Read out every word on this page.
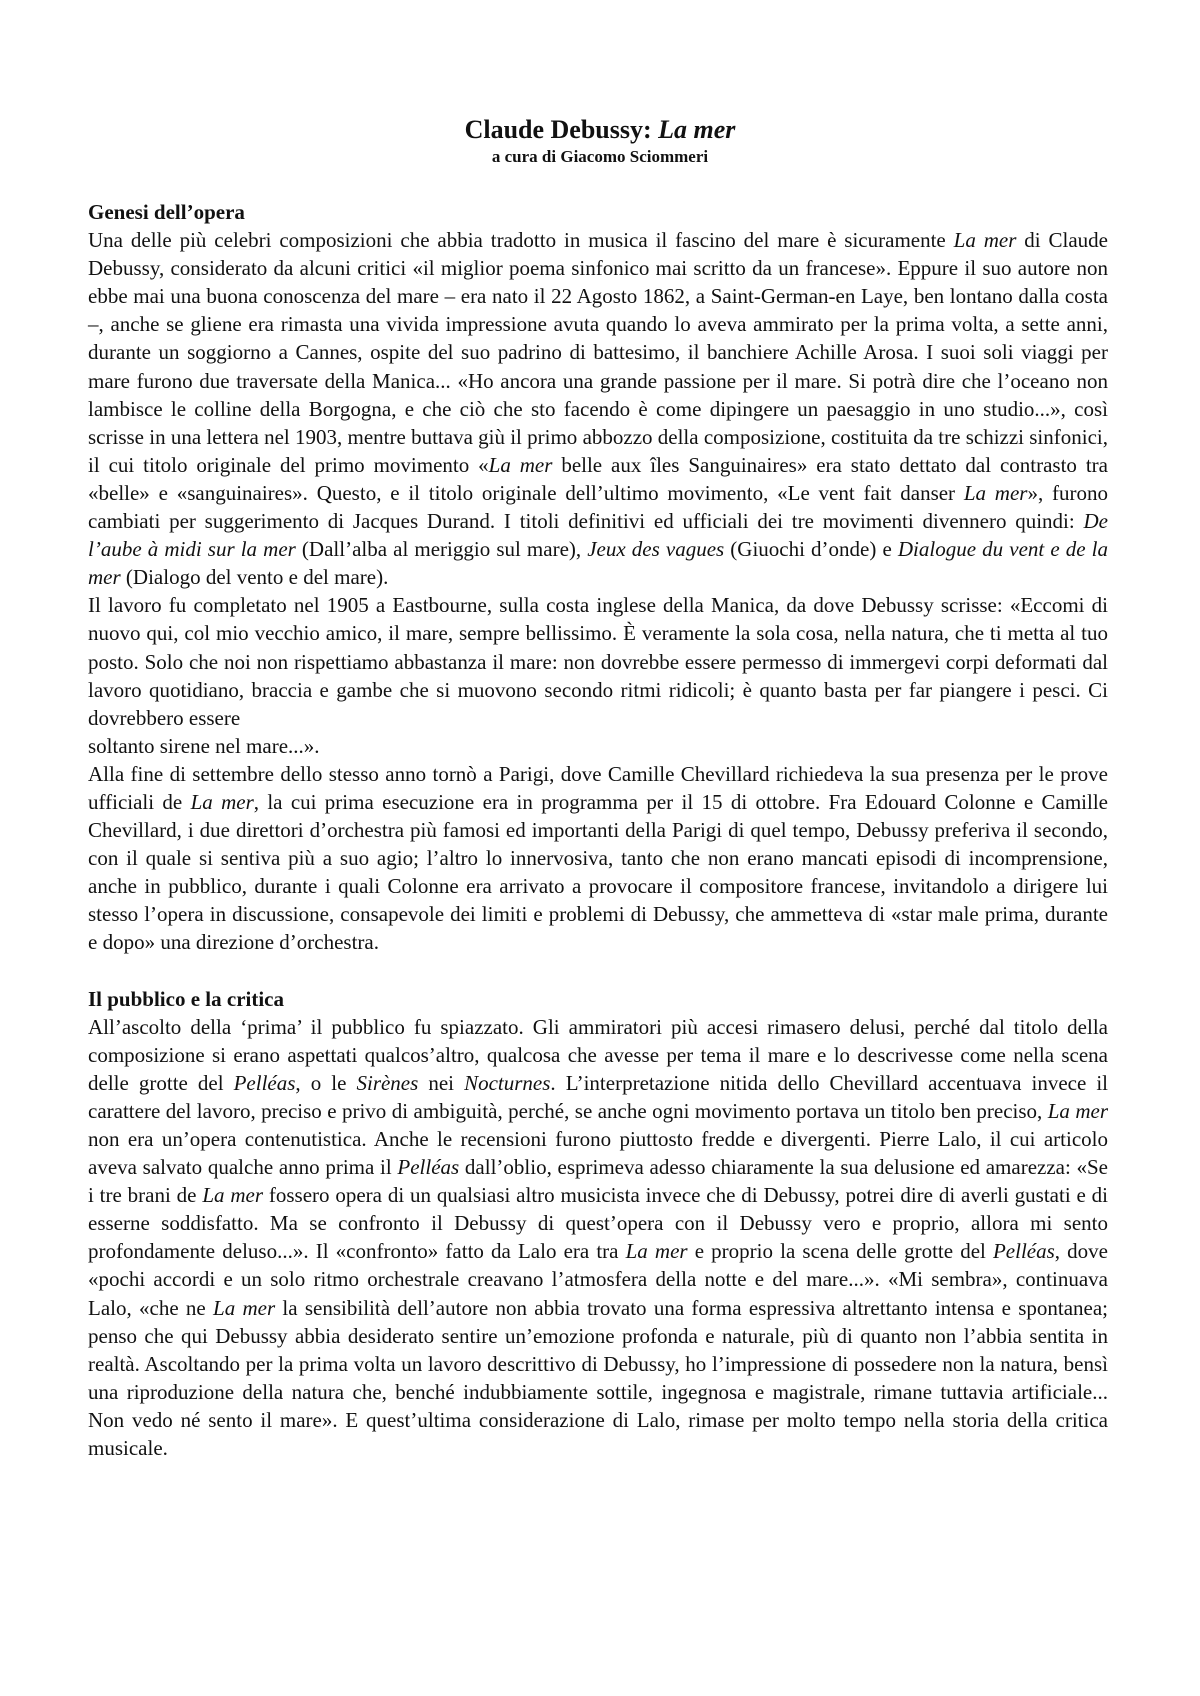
Claude Debussy: La mer

a cura di Giacomo Sciommeri

Genesi dell’opera

Una delle più celebri composizioni che abbia tradotto in musica il fascino del mare è sicuramente La mer di Claude Debussy, considerato da alcuni critici «il miglior poema sinfonico mai scritto da un francese». Eppure il suo autore non ebbe mai una buona conoscenza del mare – era nato il 22 Agosto 1862, a Saint-German-en Laye, ben lontano dalla costa –, anche se gliene era rimasta una vivida impressione avuta quando lo aveva ammirato per la prima volta, a sette anni, durante un soggiorno a Cannes, ospite del suo padrino di battesimo, il banchiere Achille Arosa. I suoi soli viaggi per mare furono due traversate della Manica... «Ho ancora una grande passione per il mare. Si potrà dire che l’oceano non lambisce le colline della Borgogna, e che ciò che sto facendo è come dipingere un paesaggio in uno studio...», così scrisse in una lettera nel 1903, mentre buttava giù il primo abbozzo della composizione, costituita da tre schizzi sinfonici, il cui titolo originale del primo movimento «La mer belle aux îles Sanguinaires» era stato dettato dal contrasto tra «belle» e «sanguinaires». Questo, e il titolo originale dell’ultimo movimento, «Le vent fait danser La mer», furono cambiati per suggerimento di Jacques Durand. I titoli definitivi ed ufficiali dei tre movimenti divennero quindi: De l’aube à midi sur la mer (Dall’alba al meriggio sul mare), Jeux des vagues (Giuochi d’onde) e Dialogue du vent e de la mer (Dialogo del vento e del mare).

Il lavoro fu completato nel 1905 a Eastbourne, sulla costa inglese della Manica, da dove Debussy scrisse: «Eccomi di nuovo qui, col mio vecchio amico, il mare, sempre bellissimo. È veramente la sola cosa, nella natura, che ti metta al tuo posto. Solo che noi non rispettiamo abbastanza il mare: non dovrebbe essere permesso di immergevi corpi deformati dal lavoro quotidiano, braccia e gambe che si muovono secondo ritmi ridicoli; è quanto basta per far piangere i pesci. Ci dovrebbero essere

soltanto sirene nel mare...».

Alla fine di settembre dello stesso anno tornò a Parigi, dove Camille Chevillard richiedeva la sua presenza per le prove ufficiali de La mer, la cui prima esecuzione era in programma per il 15 di ottobre. Fra Edouard Colonne e Camille Chevillard, i due direttori d’orchestra più famosi ed importanti della Parigi di quel tempo, Debussy preferiva il secondo, con il quale si sentiva più a suo agio; l’altro lo innervosiva, tanto che non erano mancati episodi di incomprensione, anche in pubblico, durante i quali Colonne era arrivato a provocare il compositore francese, invitandolo a dirigere lui stesso l’opera in discussione, consapevole dei limiti e problemi di Debussy, che ammetteva di «star male prima, durante e dopo» una direzione d’orchestra.

Il pubblico e la critica

All’ascolto della ‘prima’ il pubblico fu spiazzato. Gli ammiratori più accesi rimasero delusi, perché dal titolo della composizione si erano aspettati qualcos’altro, qualcosa che avesse per tema il mare e lo descrivesse come nella scena delle grotte del Pelléas, o le Sirènes nei Nocturnes. L’interpretazione nitida dello Chevillard accentuava invece il carattere del lavoro, preciso e privo di ambiguità, perché, se anche ogni movimento portava un titolo ben preciso, La mer non era un’opera contenutistica. Anche le recensioni furono piuttosto fredde e divergenti. Pierre Lalo, il cui articolo aveva salvato qualche anno prima il Pelléas dall’oblio, esprimeva adesso chiaramente la sua delusione ed amarezza: «Se i tre brani de La mer fossero opera di un qualsiasi altro musicista invece che di Debussy, potrei dire di averli gustati e di esserne soddisfatto. Ma se confronto il Debussy di quest’opera con il Debussy vero e proprio, allora mi sento profondamente deluso...». Il «confronto» fatto da Lalo era tra La mer e proprio la scena delle grotte del Pelléas, dove «pochi accordi e un solo ritmo orchestrale creavano l’atmosfera della notte e del mare...». «Mi sembra», continuava Lalo, «che ne La mer la sensibilità dell’autore non abbia trovato una forma espressiva altrettanto intensa e spontanea; penso che qui Debussy abbia desiderato sentire un’emozione profonda e naturale, più di quanto non l’abbia sentita in realtà. Ascoltando per la prima volta un lavoro descrittivo di Debussy, ho l’impressione di possedere non la natura, bensì una riproduzione della natura che, benché indubbiamente sottile, ingegnosa e magistrale, rimane tuttavia artificiale... Non vedo né sento il mare». E quest’ultima considerazione di Lalo, rimase per molto tempo nella storia della critica musicale.
